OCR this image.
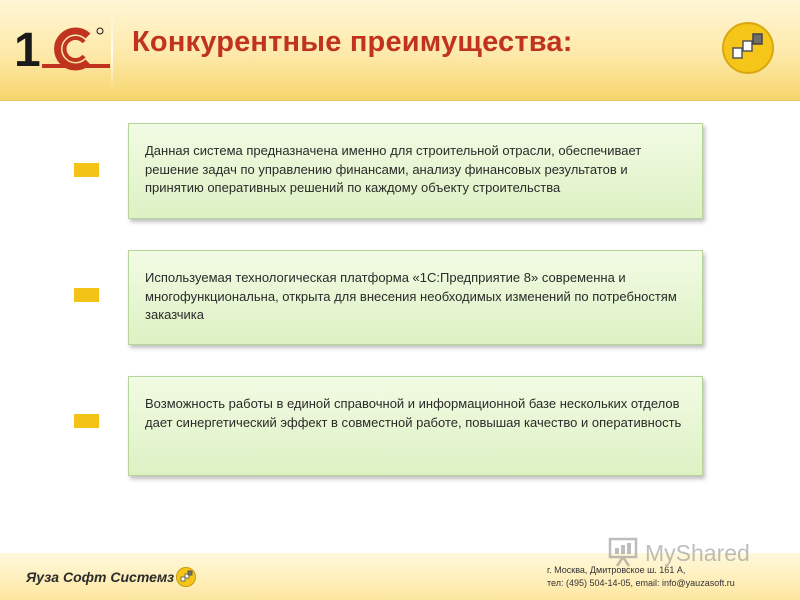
1	Конкурентные преимущества:
Данная система предназначена именно для строительной отрасли, обеспечивает решение задач по управлению финансами, анализу финансовых результатов и принятию оперативных решений по каждому объекту строительства
Используемая технологическая платформа «1С:Предприятие 8» современна и многофункциональна, открыта для внесения необходимых изменений по потребностям заказчика
Возможность работы в единой справочной и информационной базе нескольких отделов дает синергетический эффект в совместной работе, повышая качество и оперативность
Яуза Софт Системз	г. Москва, Дмитровское ш. 161 А,
тел: (495) 504-14-05, email: info@yauzasoft.ru
MyShared
